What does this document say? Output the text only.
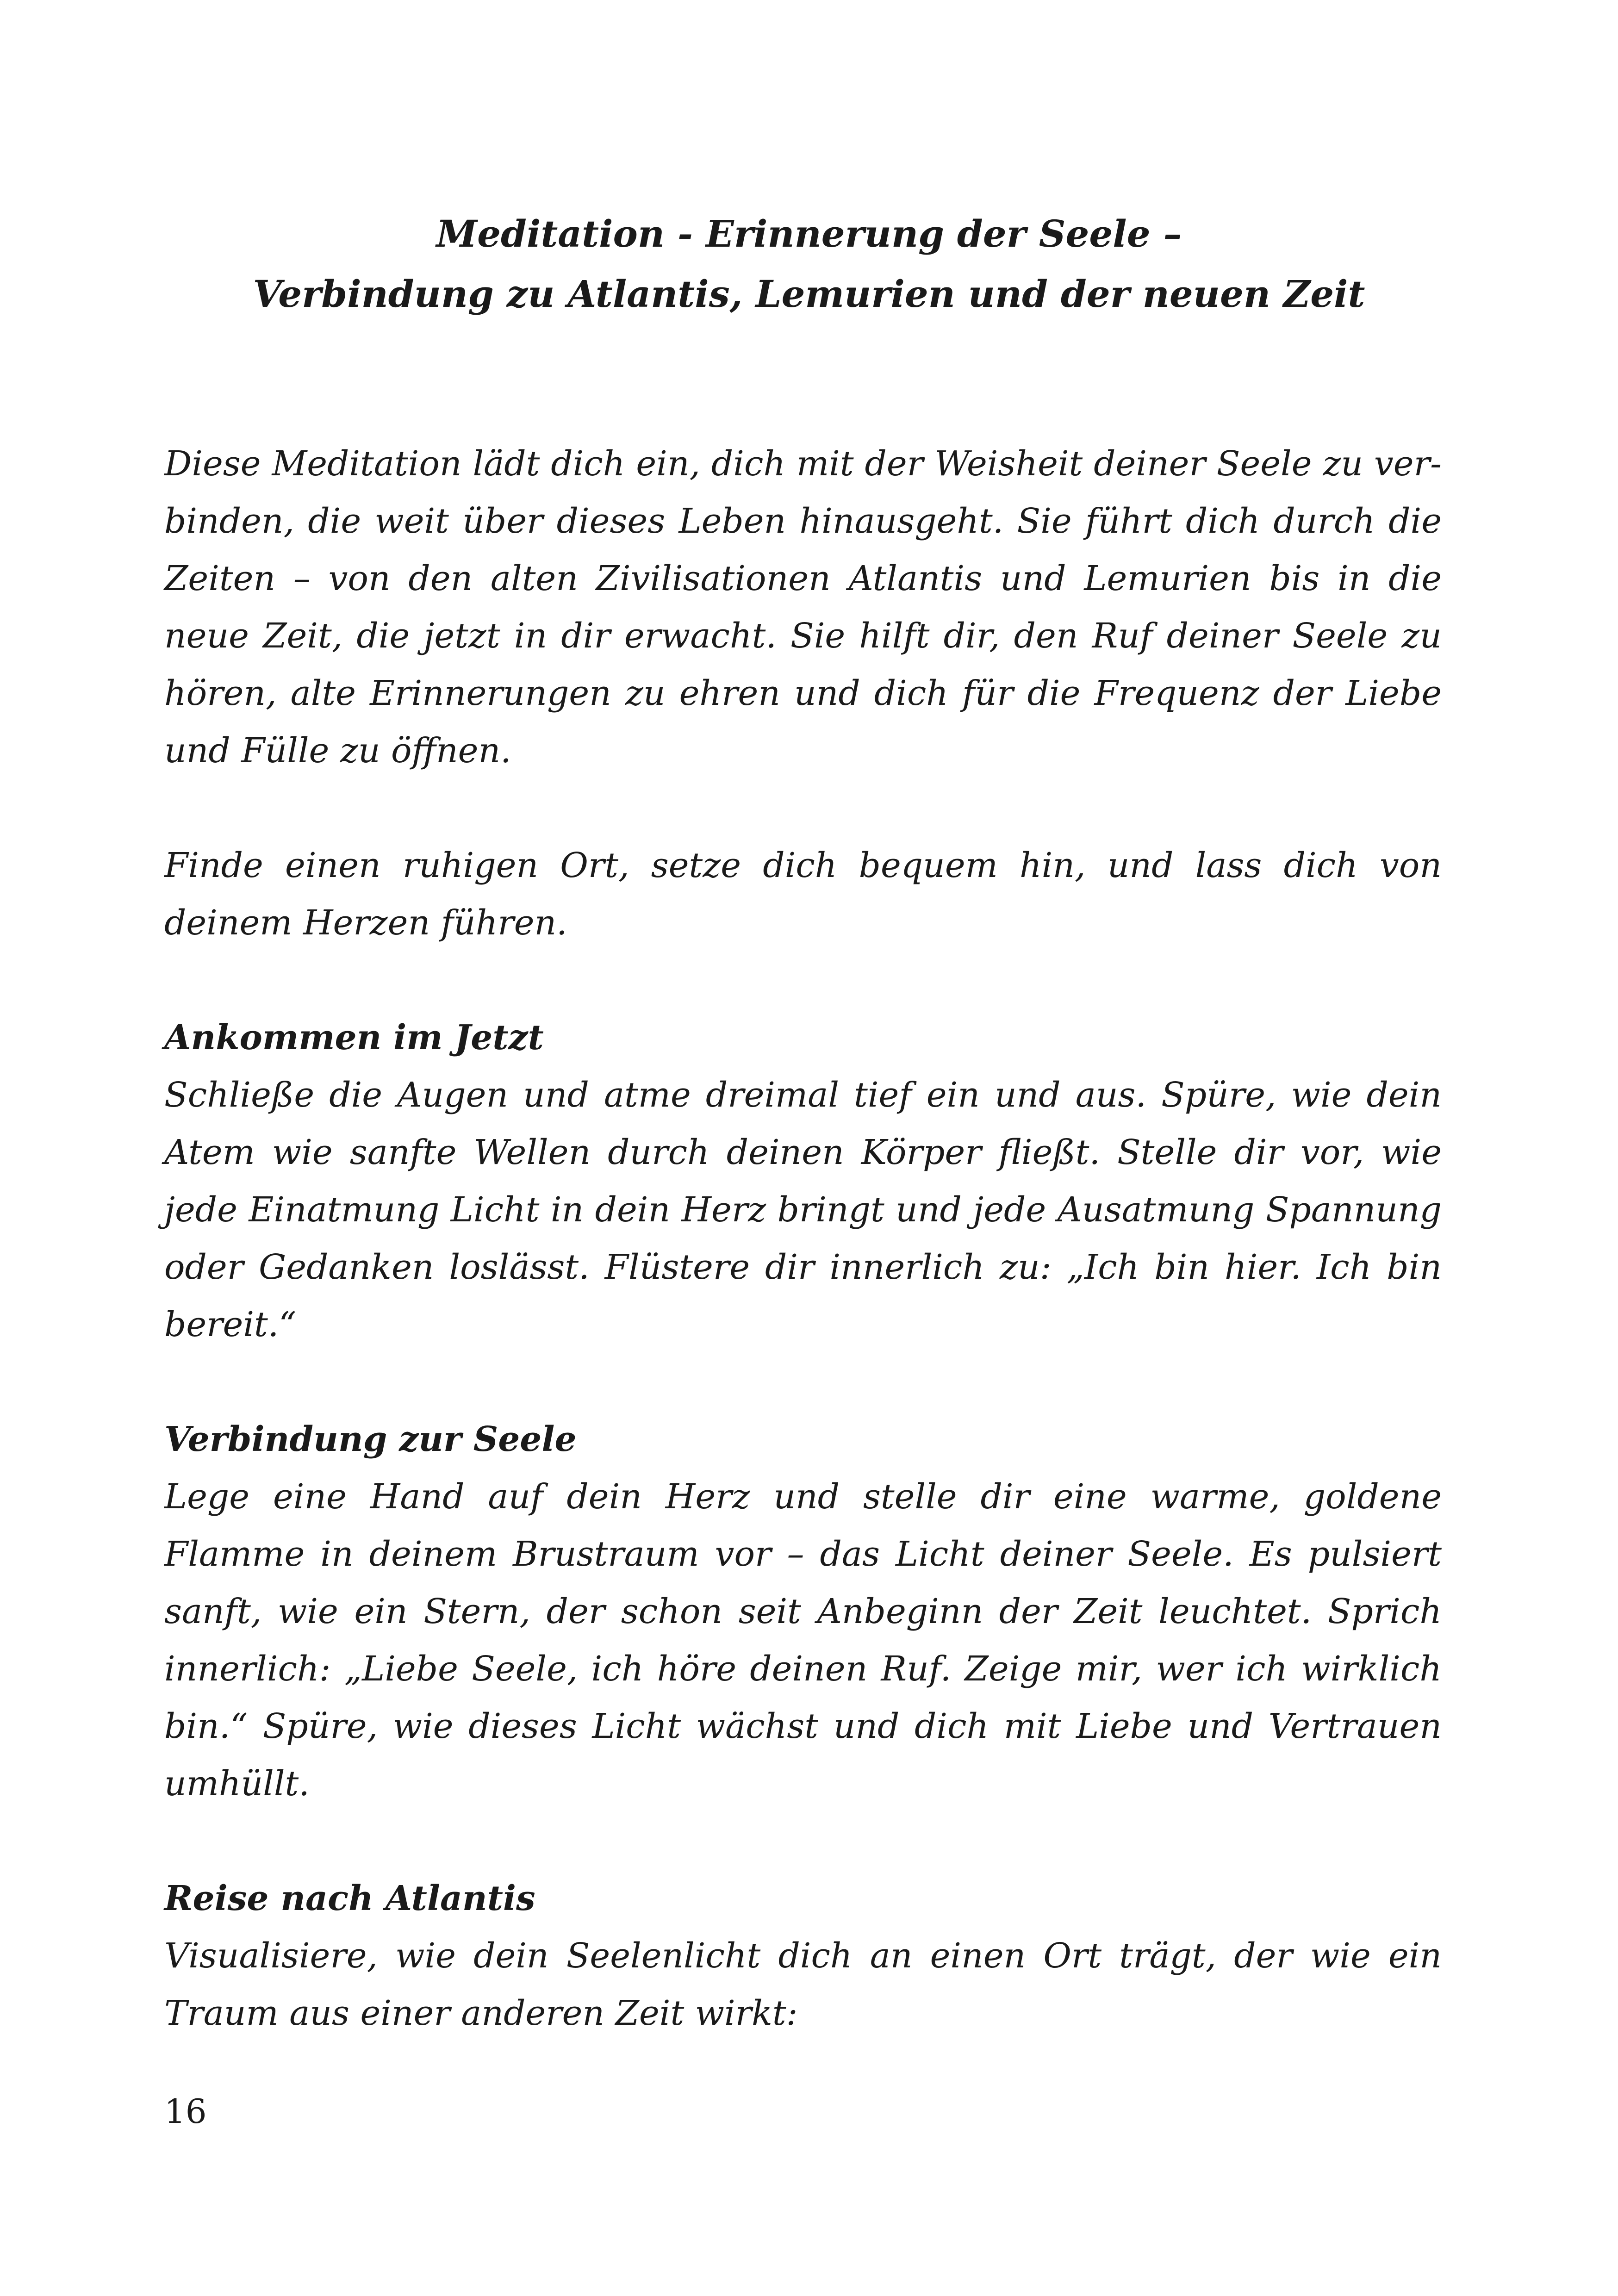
Meditation - Erinnerung der Seele –
Verbindung zu Atlantis, Lemurien und der neuen Zeit

Diese Meditation lädt dich ein, dich mit der Weisheit deiner Seele zu verbinden, die weit über dieses Leben hinausgeht. Sie führt dich durch die Zeiten – von den alten Zivilisationen Atlantis und Lemurien bis in die neue Zeit, die jetzt in dir erwacht. Sie hilft dir, den Ruf deiner Seele zu hören, alte Erinnerungen zu ehren und dich für die Frequenz der Liebe und Fülle zu öffnen.

Finde einen ruhigen Ort, setze dich bequem hin, und lass dich von deinem Herzen führen.

Ankommen im Jetzt
Schließe die Augen und atme dreimal tief ein und aus. Spüre, wie dein Atem wie sanfte Wellen durch deinen Körper fließt. Stelle dir vor, wie jede Einatmung Licht in dein Herz bringt und jede Ausatmung Spannung oder Gedanken loslässt. Flüstere dir innerlich zu: „Ich bin hier. Ich bin bereit.“
Verbindung zur Seele
Lege eine Hand auf dein Herz und stelle dir eine warme, goldene Flamme in deinem Brustraum vor – das Licht deiner Seele. Es pulsiert sanft, wie ein Stern, der schon seit Anbeginn der Zeit leuchtet. Sprich innerlich: „Liebe Seele, ich höre deinen Ruf. Zeige mir, wer ich wirklich bin.“ Spüre, wie dieses Licht wächst und dich mit Liebe und Vertrauen umhüllt.
Reise nach Atlantis
Visualisiere, wie dein Seelenlicht dich an einen Ort trägt, der wie ein Traum aus einer anderen Zeit wirkt:
16
